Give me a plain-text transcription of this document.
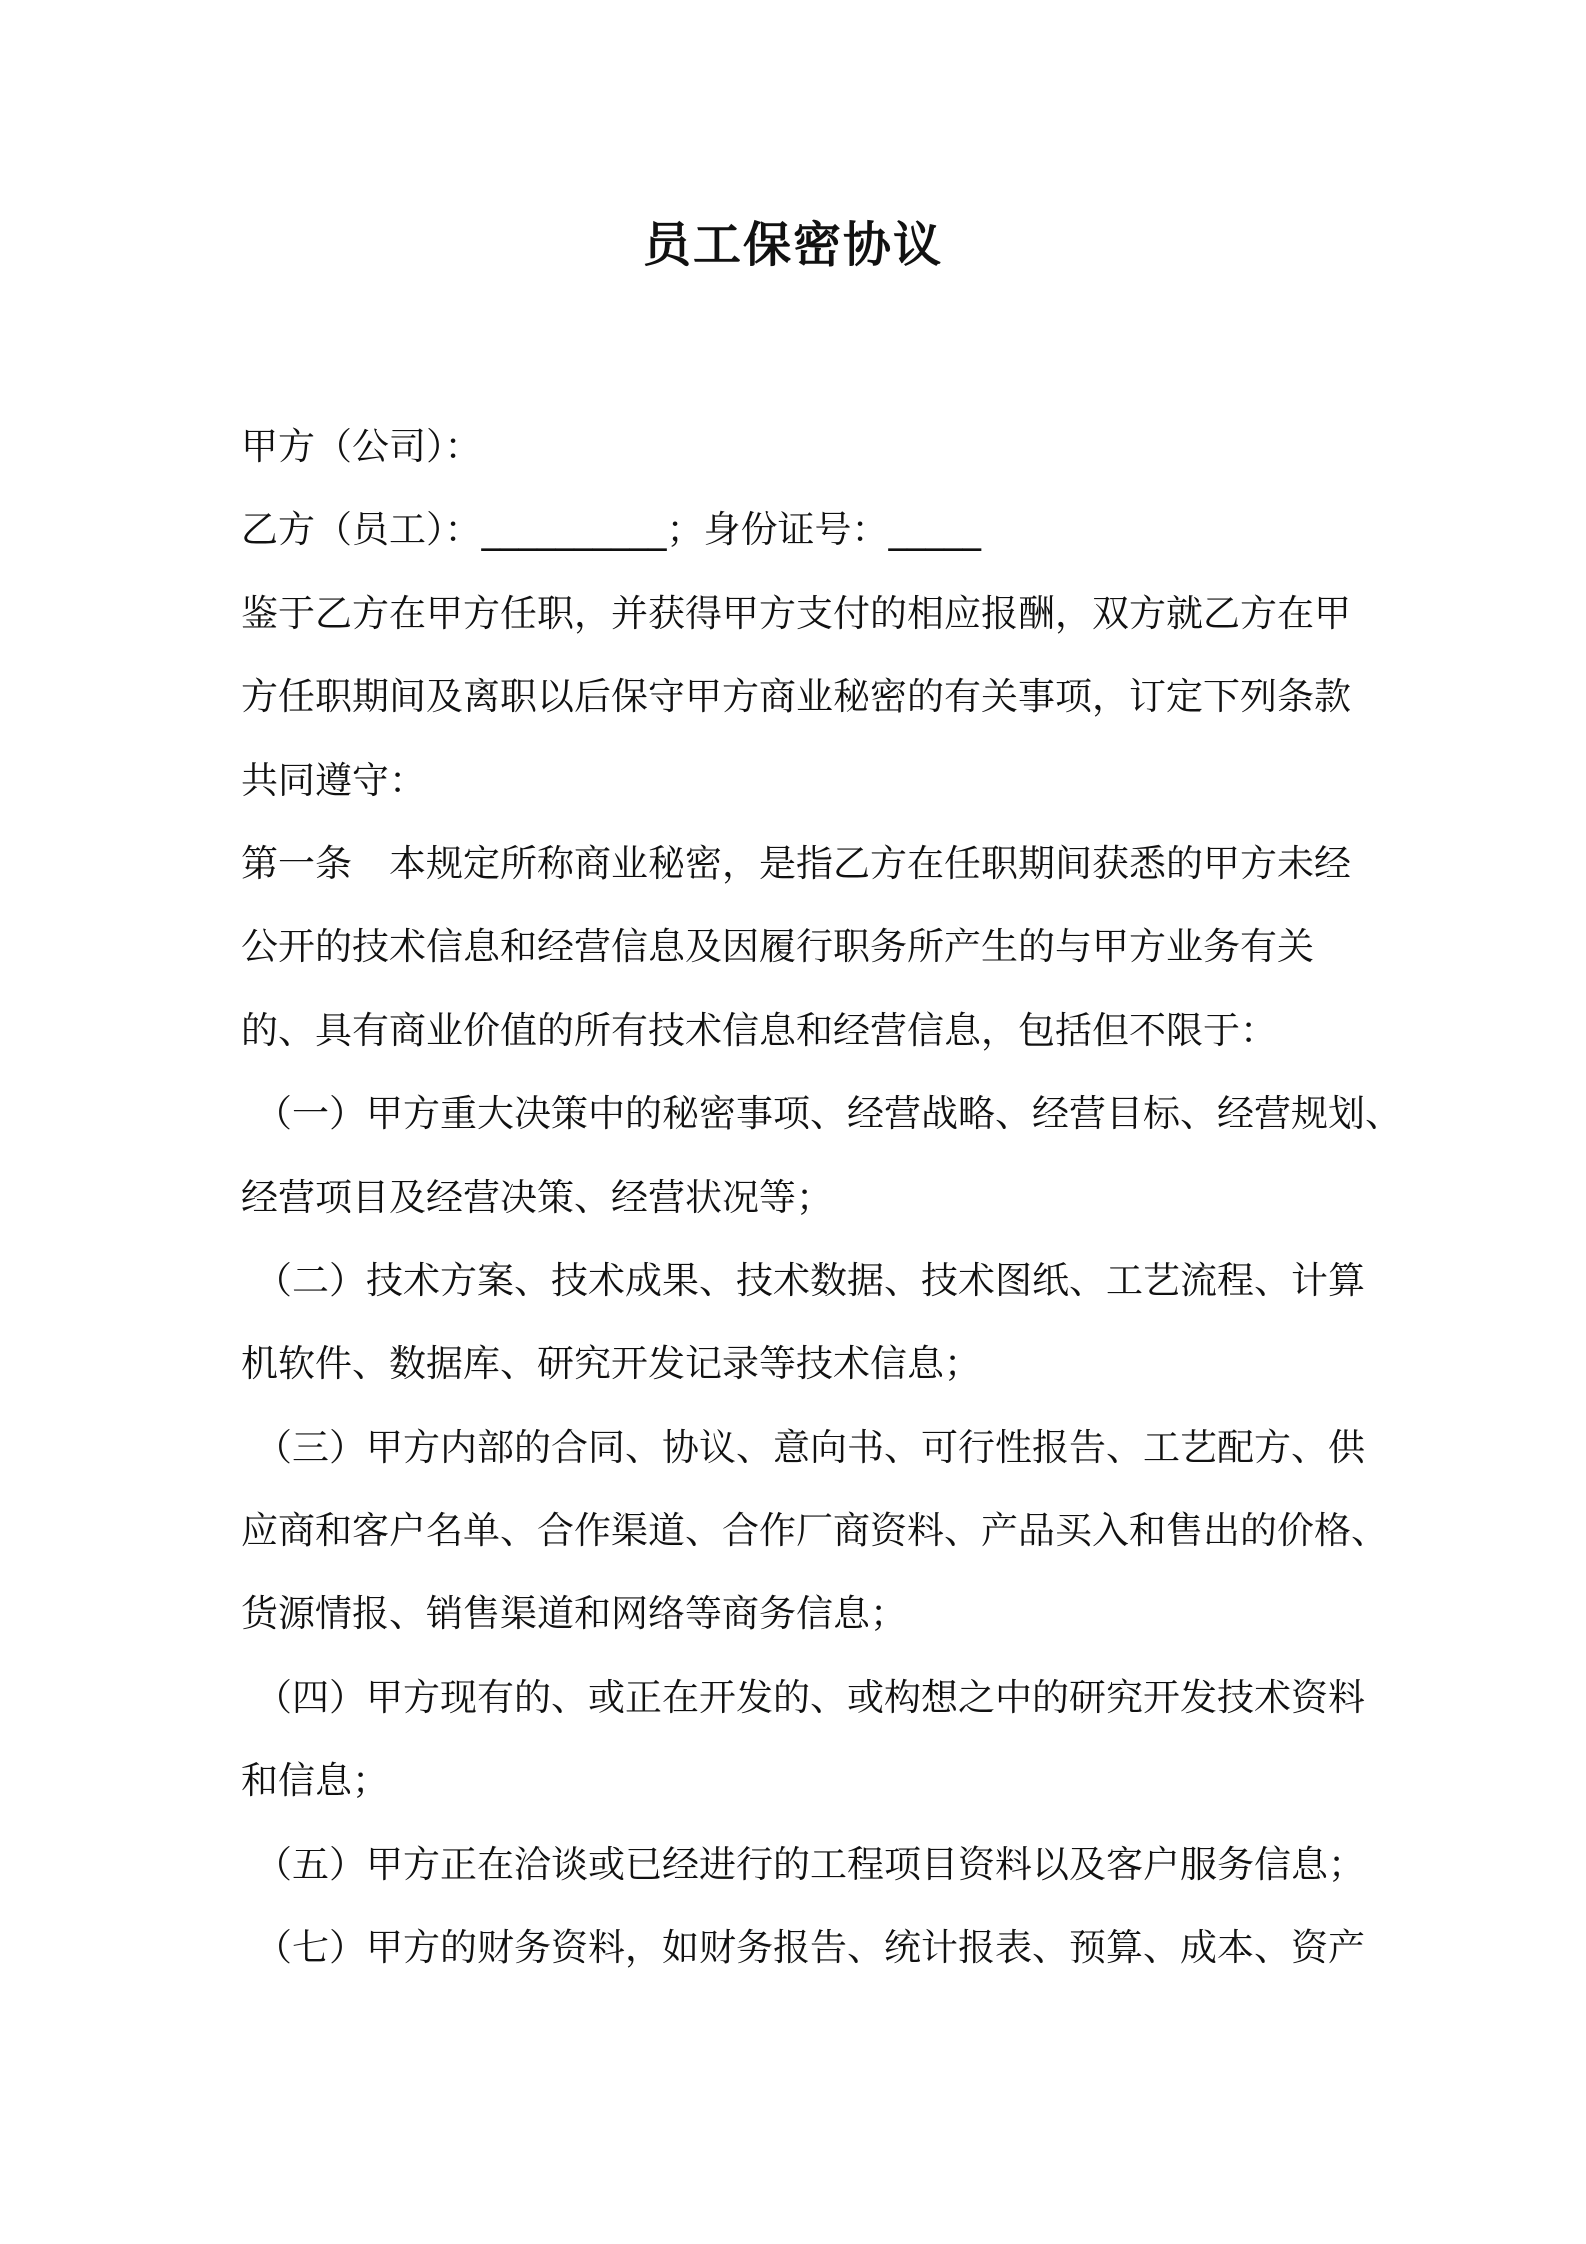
员工保密协议
甲方（公司）：
乙方（员工）：__________；身份证号：_____
鉴于乙方在甲方任职，并获得甲方支付的相应报酬，双方就乙方在甲
方任职期间及离职以后保守甲方商业秘密的有关事项，订定下列条款
共同遵守：
第一条　本规定所称商业秘密，是指乙方在任职期间获悉的甲方未经
公开的技术信息和经营信息及因履行职务所产生的与甲方业务有关
的、具有商业价值的所有技术信息和经营信息，包括但不限于：
（一）甲方重大决策中的秘密事项、经营战略、经营目标、经营规划、
经营项目及经营决策、经营状况等；
（二）技术方案、技术成果、技术数据、技术图纸、工艺流程、计算
机软件、数据库、研究开发记录等技术信息；
（三）甲方内部的合同、协议、意向书、可行性报告、工艺配方、供
应商和客户名单、合作渠道、合作厂商资料、产品买入和售出的价格、
货源情报、销售渠道和网络等商务信息；
（四）甲方现有的、或正在开发的、或构想之中的研究开发技术资料
和信息；
（五）甲方正在洽谈或已经进行的工程项目资料以及客户服务信息；
（七）甲方的财务资料，如财务报告、统计报表、预算、成本、资产
